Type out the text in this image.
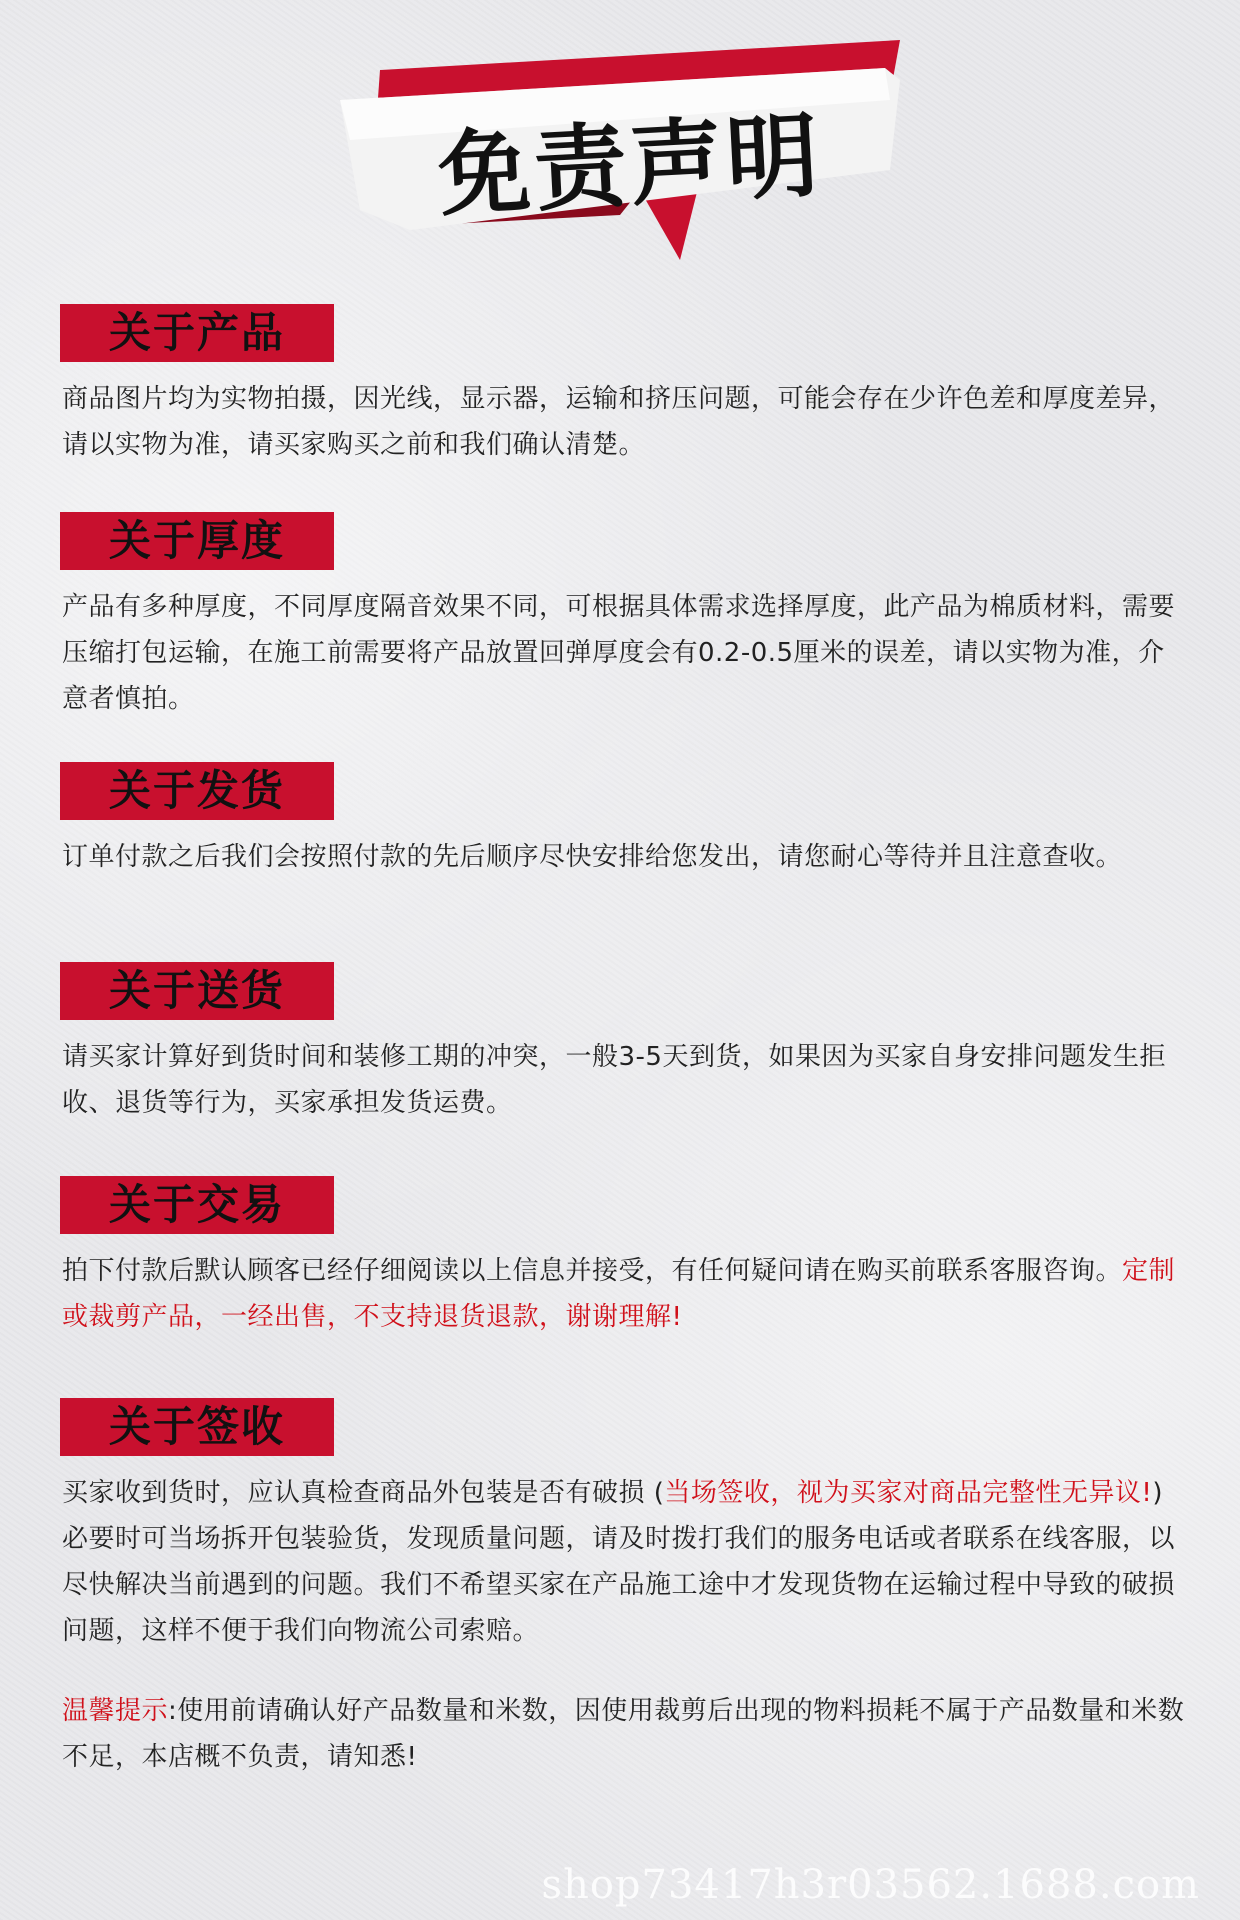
免责声明
关于产品
商品图片均为实物拍摄，因光线，显示器，运输和挤压问题，可能会存在少许色差和厚度差异，请以实物为准，请买家购买之前和我们确认清楚。
关于厚度
产品有多种厚度，不同厚度隔音效果不同，可根据具体需求选择厚度，此产品为棉质材料，需要压缩打包运输，在施工前需要将产品放置回弹厚度会有0.2-0.5厘米的误差，请以实物为准，介意者慎拍。
关于发货
订单付款之后我们会按照付款的先后顺序尽快安排给您发出，请您耐心等待并且注意查收。
关于送货
请买家计算好到货时间和装修工期的冲突，一般3-5天到货，如果因为买家自身安排问题发生拒收、退货等行为，买家承担发货运费。
关于交易
拍下付款后默认顾客已经仔细阅读以上信息并接受，有任何疑问请在购买前联系客服咨询。定制或裁剪产品，一经出售，不支持退货退款，谢谢理解!
关于签收
买家收到货时，应认真检查商品外包装是否有破损 (当场签收，视为买家对商品完整性无异议!) 必要时可当场拆开包装验货，发现质量问题，请及时拨打我们的服务电话或者联系在线客服，以尽快解决当前遇到的问题。我们不希望买家在产品施工途中才发现货物在运输过程中导致的破损问题，这样不便于我们向物流公司索赔。
温馨提示:使用前请确认好产品数量和米数，因使用裁剪后出现的物料损耗不属于产品数量和米数不足，本店概不负责，请知悉!
shop73417h3r03562.1688.com
